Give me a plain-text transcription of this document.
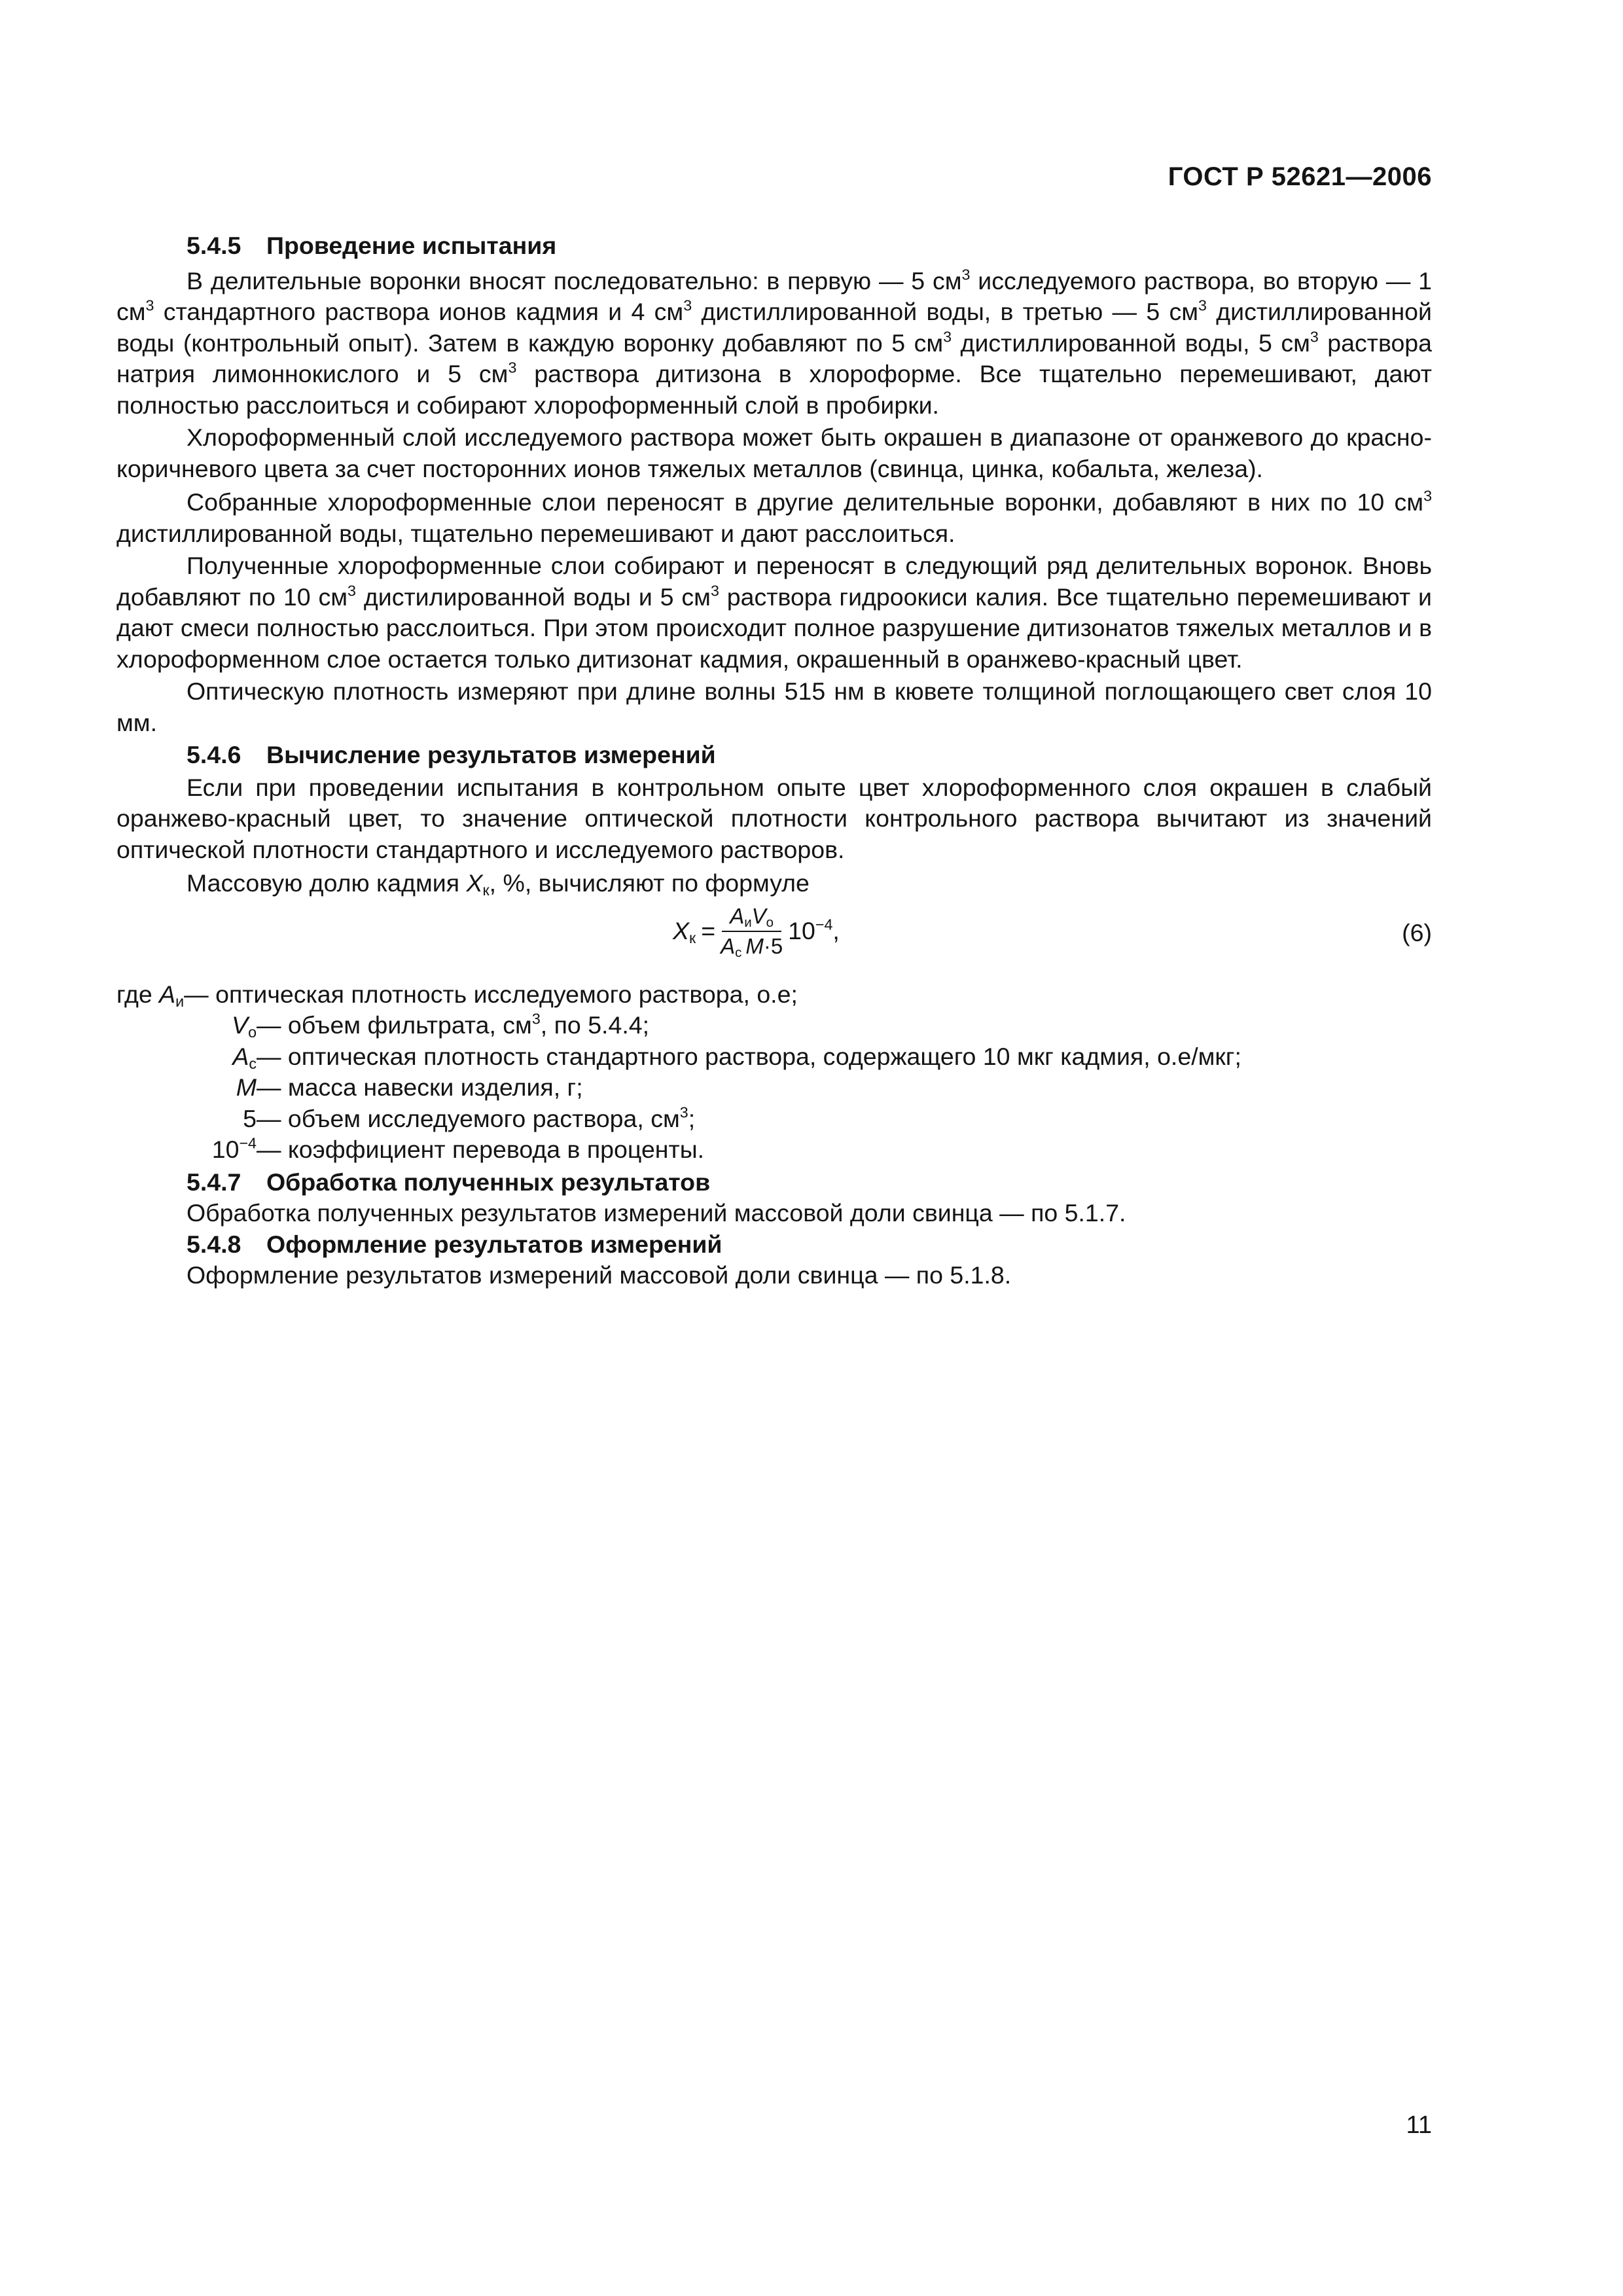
ГОСТ Р 52621—2006
5.4.5 Проведение испытания

В делительные воронки вносят последовательно: в первую — 5 $см^3$ исследуемого раствора, во вторую — 1 $см^3$ стандартного раствора ионов кадмия и 4 $см^3$ дистиллированной воды, в третью — 5 $см^3$ дистиллированной воды (контрольный опыт). Затем в каждую воронку добавляют по 5 $см^3$ дистиллированной воды, 5 $см^3$ раствора натрия лимоннокислого и 5 $см^3$ раствора дитизона в хлороформе. Все тщательно перемешивают, дают полностью расслоиться и собирают хлороформенный слой в пробирки.

Хлороформенный слой исследуемого раствора может быть окрашен в диапазоне от оранжевого до красно-коричневого цвета за счет посторонних ионов тяжелых металлов (свинца, цинка, кобальта, железа).

Собранные хлороформенные слои переносят в другие делительные воронки, добавляют в них по 10 $см^3$ дистиллированной воды, тщательно перемешивают и дают расслоиться.

Полученные хлороформенные слои собирают и переносят в следующий ряд делительных воронок. Вновь добавляют по 10 $см^3$ дистилированной воды и 5 $см^3$ раствора гидроокиси калия. Все тщательно перемешивают и дают смеси полностью расслоиться. При этом происходит полное разрушение дитизонатов тяжелых металлов и в хлороформенном слое остается только дитизонат кадмия, окрашенный в оранжево-красный цвет.

Оптическую плотность измеряют при длине волны 515 нм в кювете толщиной поглощающего свет слоя 10 мм.

5.4.6 Вычисление результатов измерений

Если при проведении испытания в контрольном опыте цвет хлороформенного слоя окрашен в слабый оранжево-красный цвет, то значение оптической плотности контрольного раствора вычитают из значений оптической плотности стандартного и исследуемого растворов.

Массовую долю кадмия $X_к$, %, вычисляют по формуле

$X_к = \frac{A_иV_о}{A_с M\cdot 5} 10^{-4}$,	(6)
где $A_и$ — оптическая плотность исследуемого раствора, о.е;
$V_о$ — объем фильтрата, $см^3$, по 5.4.4;
$A_с$ — оптическая плотность стандартного раствора, содержащего 10 мкг кадмия, о.е/мкг;
M — масса навески изделия, г;
5 — объем исследуемого раствора, $см^3$;
$10^{-4}$ — коэффициент перевода в проценты.
5.4.7 Обработка полученных результатов

Обработка полученных результатов измерений массовой доли свинца — по 5.1.7.

5.4.8 Оформление результатов измерений

Оформление результатов измерений массовой доли свинца — по 5.1.8.

11
